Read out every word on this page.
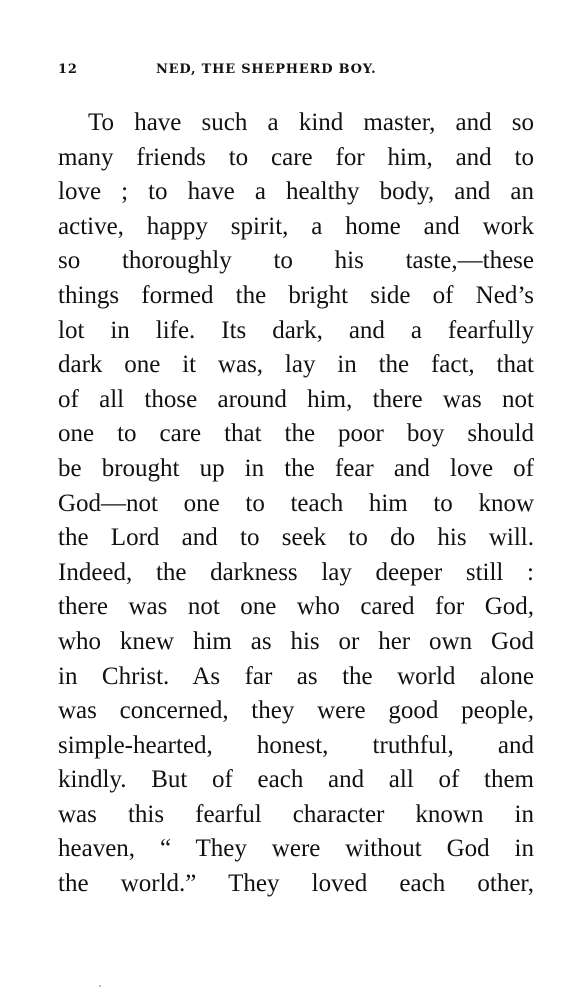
12	NED, THE SHEPHERD BOY.
To have such a kind master, and so
many friends to care for him, and to
love ; to have a healthy body, and an
active, happy spirit, a home and work
so thoroughly to his taste,—these
things formed the bright side of Ned’s
lot in life. Its dark, and a fearfully
dark one it was, lay in the fact, that
of all those around him, there was not
one to care that the poor boy should
be brought up in the fear and love of
God—not one to teach him to know
the Lord and to seek to do his will.
Indeed, the darkness lay deeper still :
there was not one who cared for God,
who knew him as his or her own God
in Christ. As far as the world alone
was concerned, they were good people,
simple-hearted, honest, truthful, and
kindly. But of each and all of them
was this fearful character known in
heaven, “ They were without God in
the world.” They loved each other,
